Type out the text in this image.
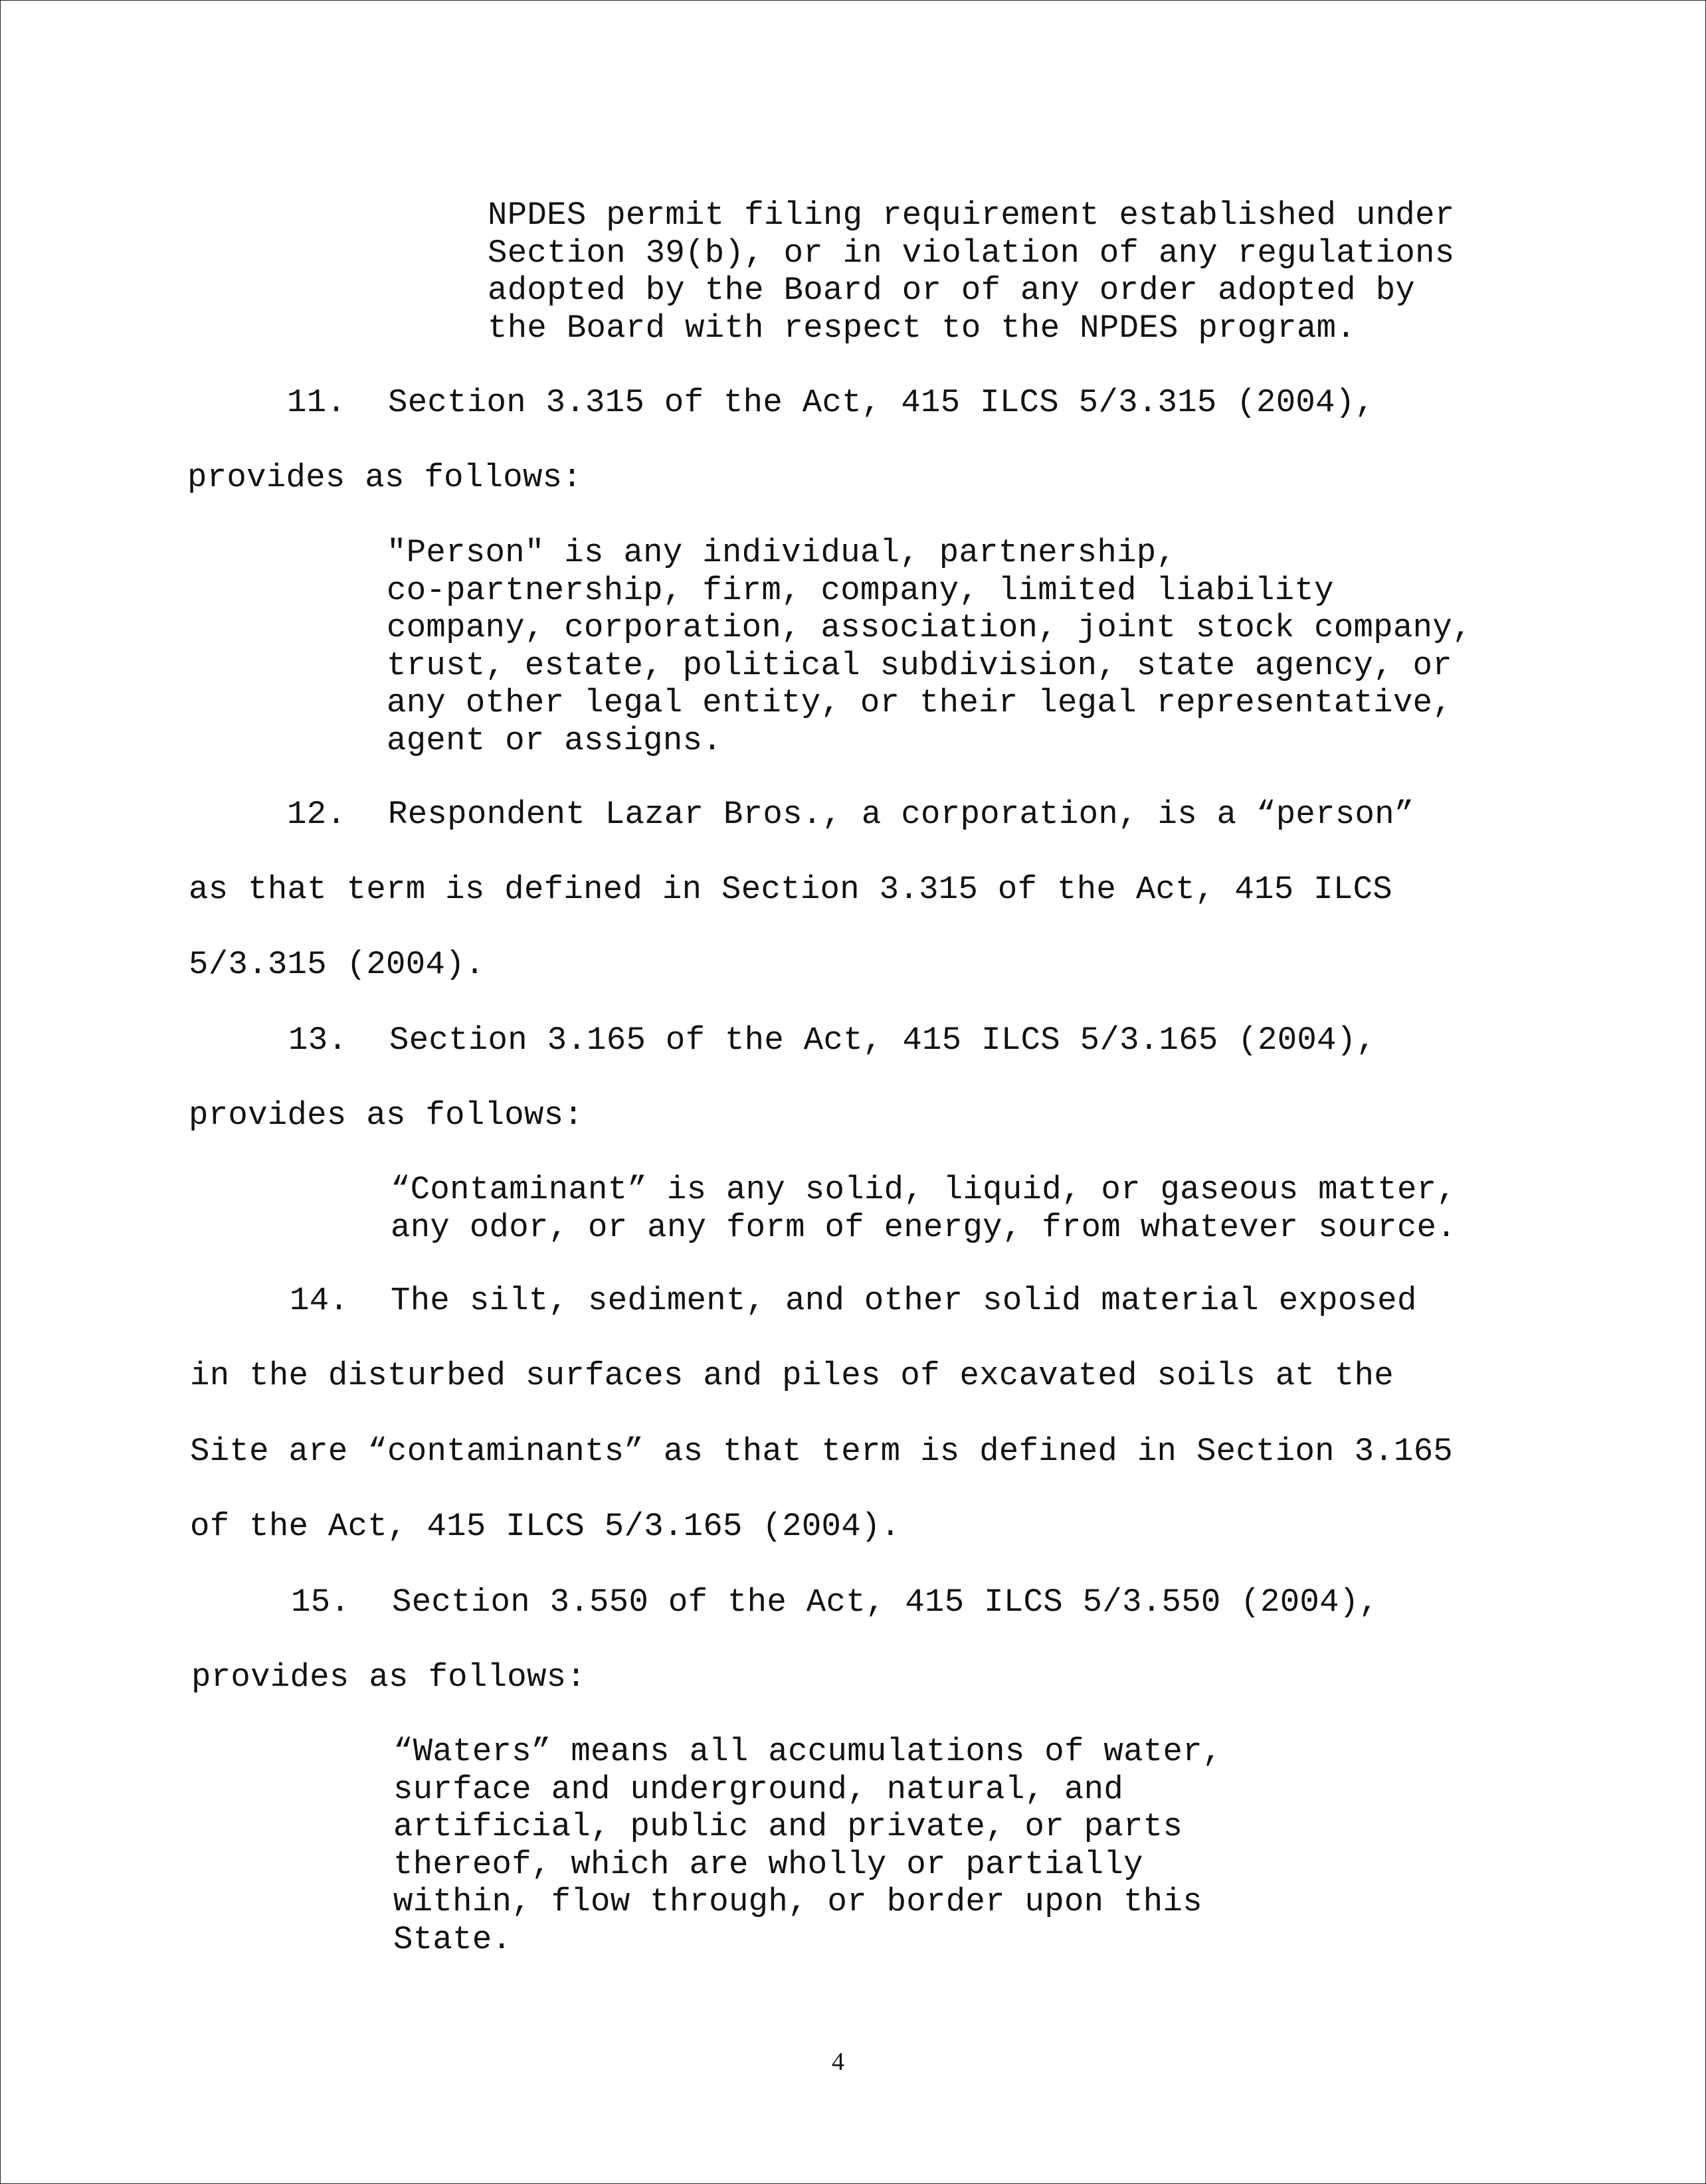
NPDES permit filing requirement established under
Section 39(b), or in violation of any regulations
adopted by the Board or of any order adopted by
the Board with respect to the NPDES program.
11. Section 3.315 of the Act, 415 ILCS 5/3.315 (2004),
provides as follows:
"Person" is any individual, partnership,
co-partnership, firm, company, limited liability
company, corporation, association, joint stock company,
trust, estate, political subdivision, state agency, or
any other legal entity, or their legal representative,
agent or assigns.
12. Respondent Lazar Bros., a corporation, is a “person”
as that term is defined in Section 3.315 of the Act, 415 ILCS
5/3.315 (2004).
13. Section 3.165 of the Act, 415 ILCS 5/3.165 (2004),
provides as follows:
“Contaminant” is any solid, liquid, or gaseous matter,
any odor, or any form of energy, from whatever source.
14. The silt, sediment, and other solid material exposed
in the disturbed surfaces and piles of excavated soils at the
Site are “contaminants” as that term is defined in Section 3.165
of the Act, 415 ILCS 5/3.165 (2004).
15. Section 3.550 of the Act, 415 ILCS 5/3.550 (2004),
provides as follows:
“Waters” means all accumulations of water,
surface and underground, natural, and
artificial, public and private, or parts
thereof, which are wholly or partially
within, flow through, or border upon this
State.
4
